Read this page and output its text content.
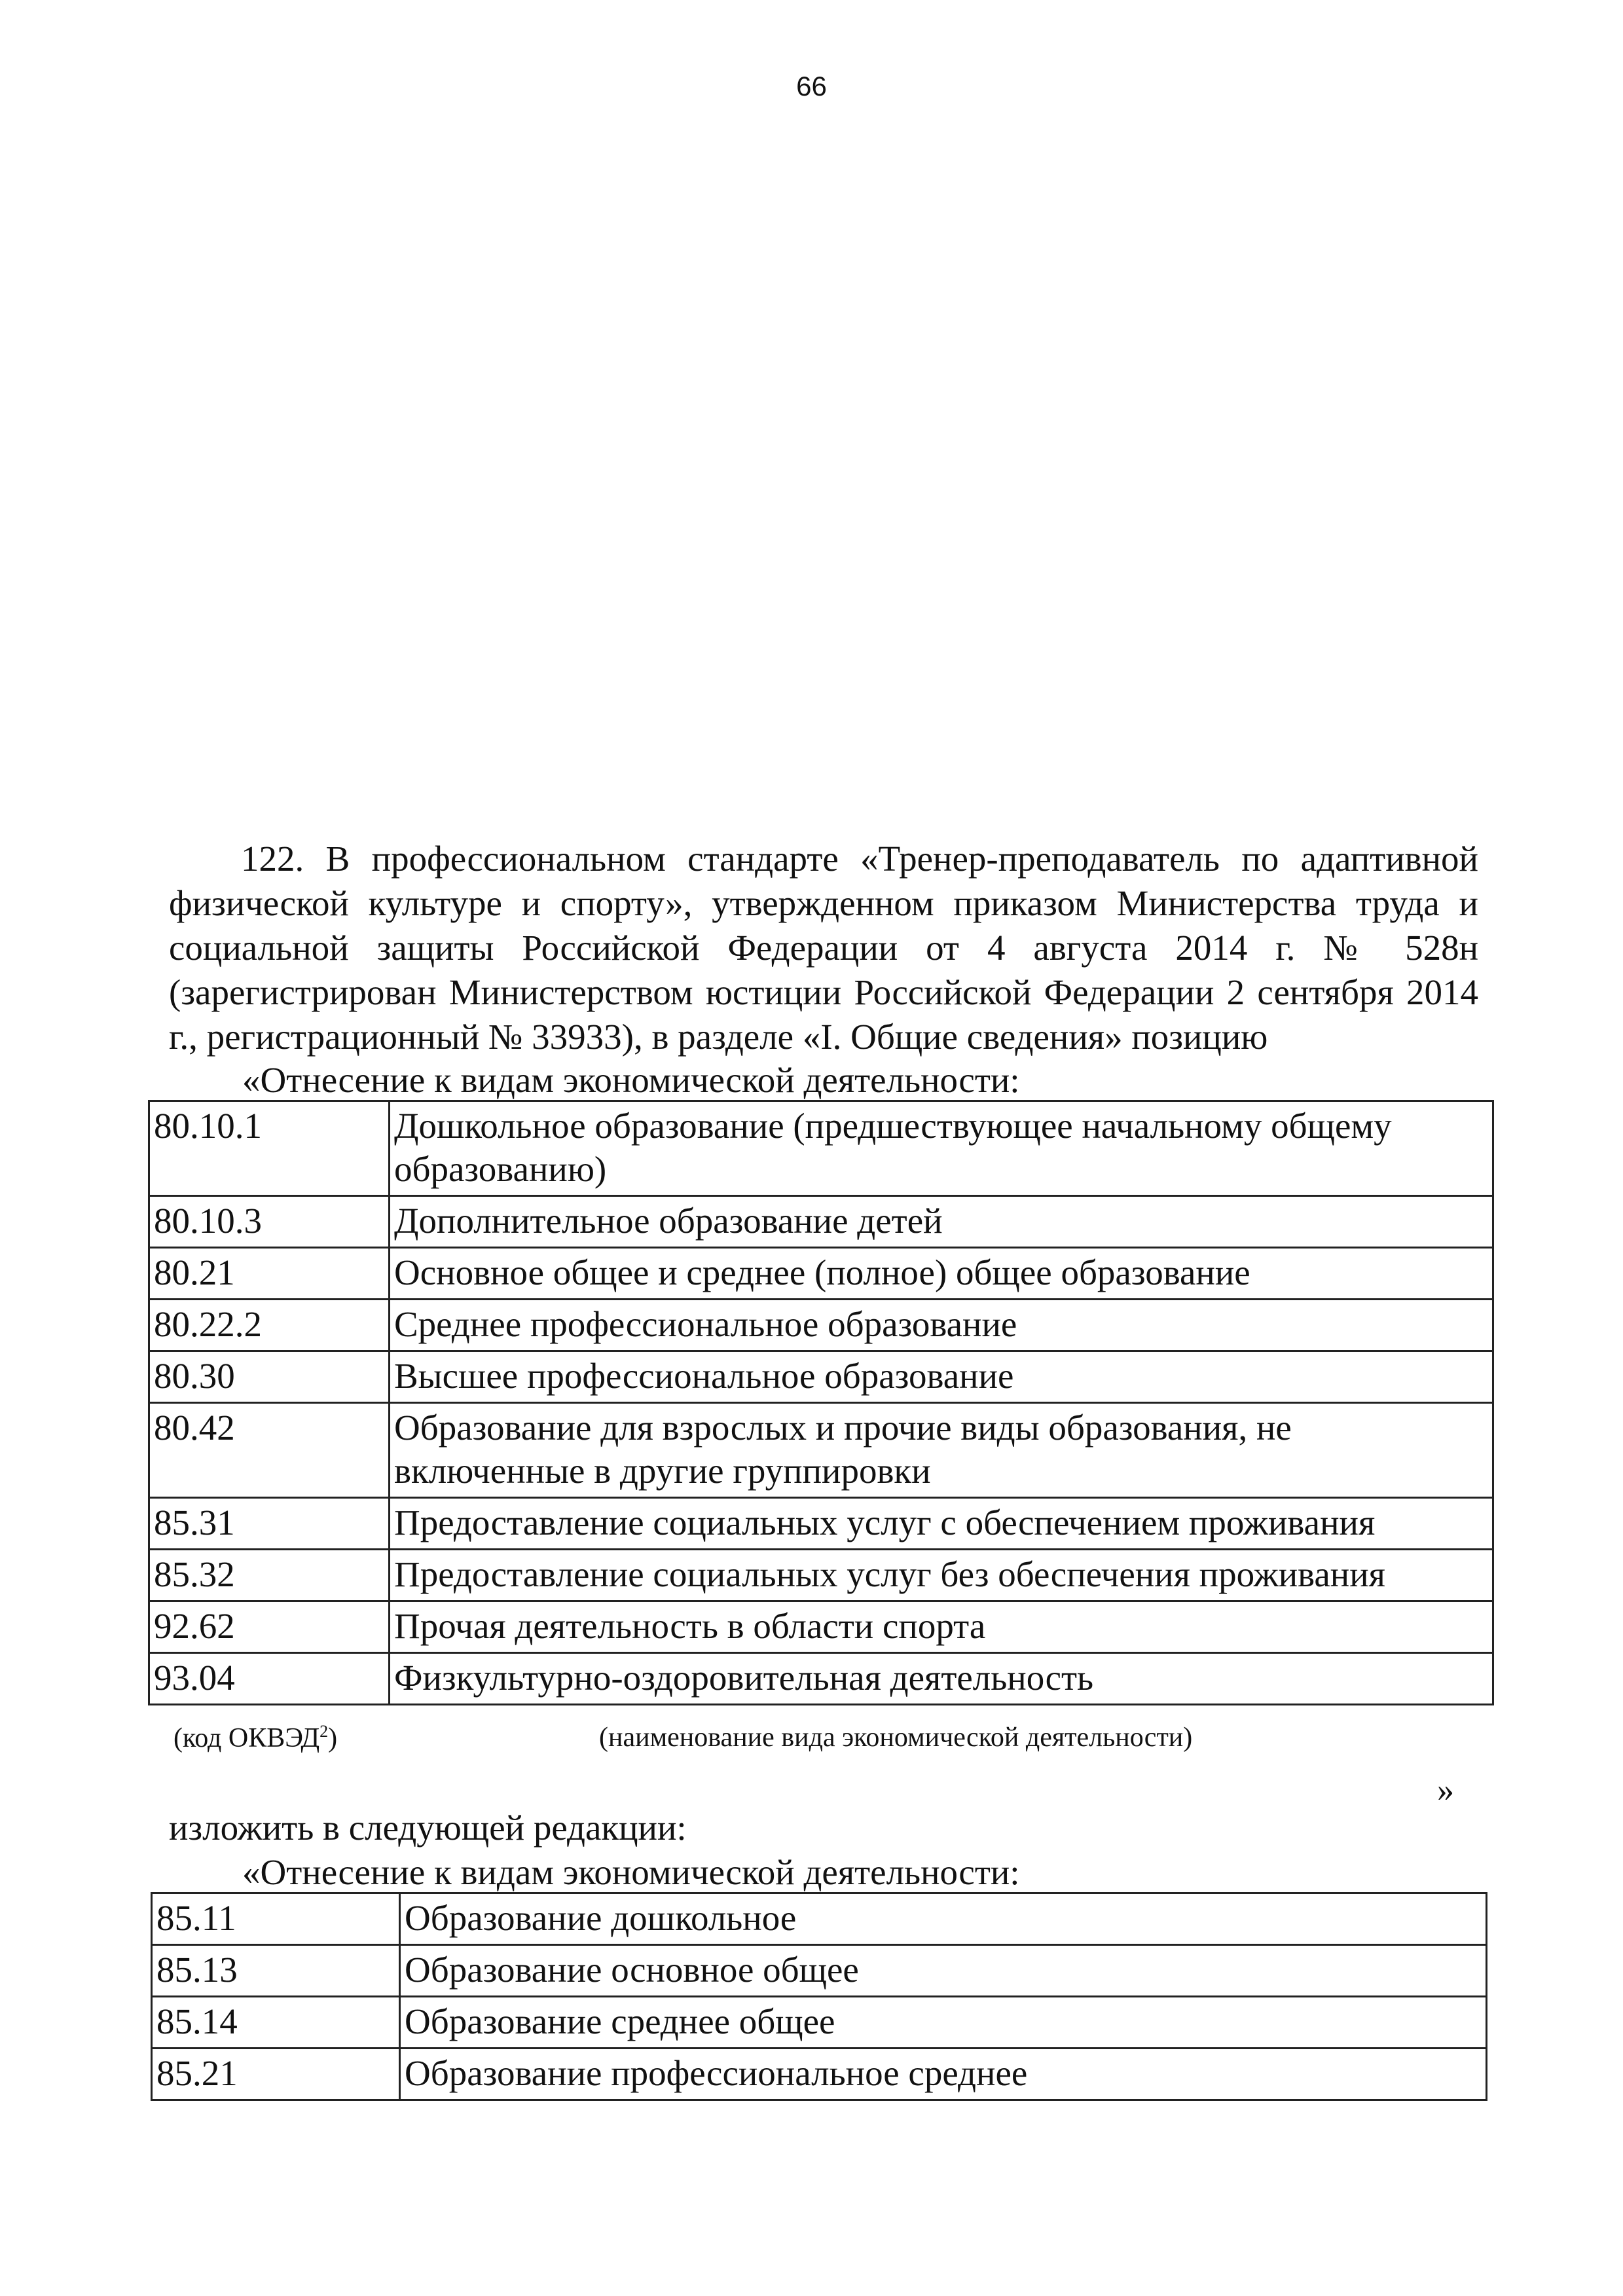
66
122. В профессиональном стандарте «Тренер-преподаватель по адаптивной физической культуре и спорту», утвержденном приказом Министерства труда и социальной защиты Российской Федерации от 4 августа 2014 г. № 528н (зарегистрирован Министерством юстиции Российской Федерации 2 сентября 2014 г., регистрационный № 33933), в разделе «I. Общие сведения» позицию
«Отнесение к видам экономической деятельности:
80.10.1	Дошкольное образование (предшествующее начальному общему образованию)
80.10.3	Дополнительное образование детей
80.21	Основное общее и среднее (полное) общее образование
80.22.2	Среднее профессиональное образование
80.30	Высшее профессиональное образование
80.42	Образование для взрослых и прочие виды образования, не включенные в другие группировки
85.31	Предоставление социальных услуг с обеспечением проживания
85.32	Предоставление социальных услуг без обеспечения проживания
92.62	Прочая деятельность в области спорта
93.04	Физкультурно-оздоровительная деятельность
(код ОКВЭД$^2$)	(наименование вида экономической деятельности)
»
изложить в следующей редакции:
«Отнесение к видам экономической деятельности:
85.11	Образование дошкольное
85.13	Образование основное общее
85.14	Образование среднее общее
85.21	Образование профессиональное среднее
